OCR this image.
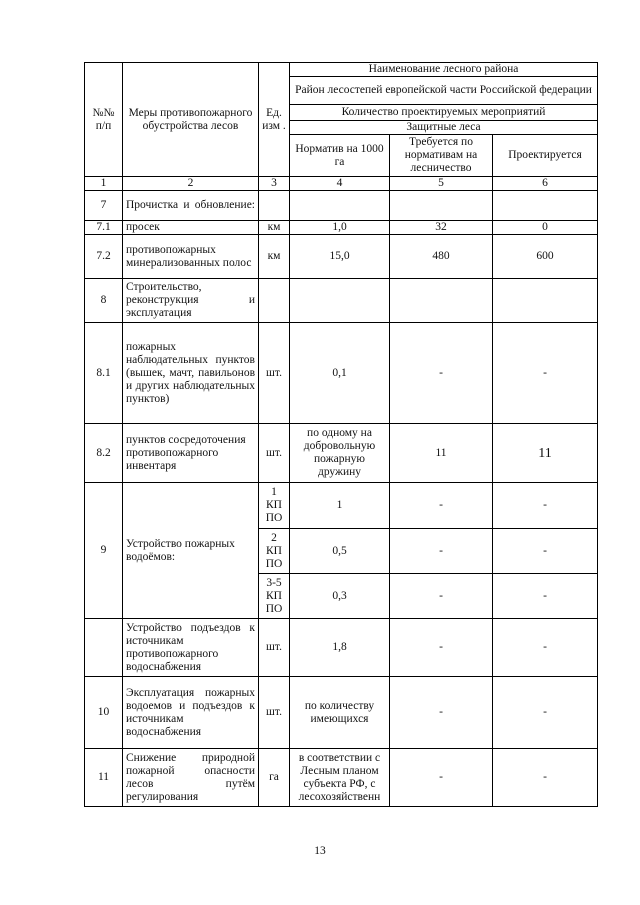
№№ п/п	Меры противопожарного обустройства лесов	Ед. изм .	Наименование лесного района		
			Район лесостепей европейской части Российской федерации		
			Количество проектируемых мероприятий		
			Защитные леса		
			Норматив на 1000 га	Требуется по нормативам на лесничество	Проектируется

1	2	3	4	5	6
7	Прочистка и обновление:				
7.1	просек	км	1,0	32	0
7.2	противопожарных минерализованных полос	км	15,0	480	600
8	Строительство, реконструкция и эксплуатация				
8.1	пожарных наблюдательных пунктов (вышек, мачт, павильонов и других наблюдательных пунктов)	шт.	0,1	-	-
8.2	пунктов сосредоточения противопожарного инвентаря	шт.	по одному на добровольную пожарную дружину	11	11
9	Устройство пожарных водоёмов:	1 КП ПО	1	-	-
		2 КП ПО	0,5	-	-
		3-5 КП ПО	0,3	-	-
	Устройство подъездов к источникам противопожарного водоснабжения	шт.	1,8	-	-
10	Эксплуатация пожарных водоемов и подъездов к источникам водоснабжения	шт.	по количеству имеющихся	-	-
11	Снижение природной пожарной опасности лесов путём регулирования	га	в соответствии с Лесным планом субъекта РФ, с лесохозяйственн	-	-
13
